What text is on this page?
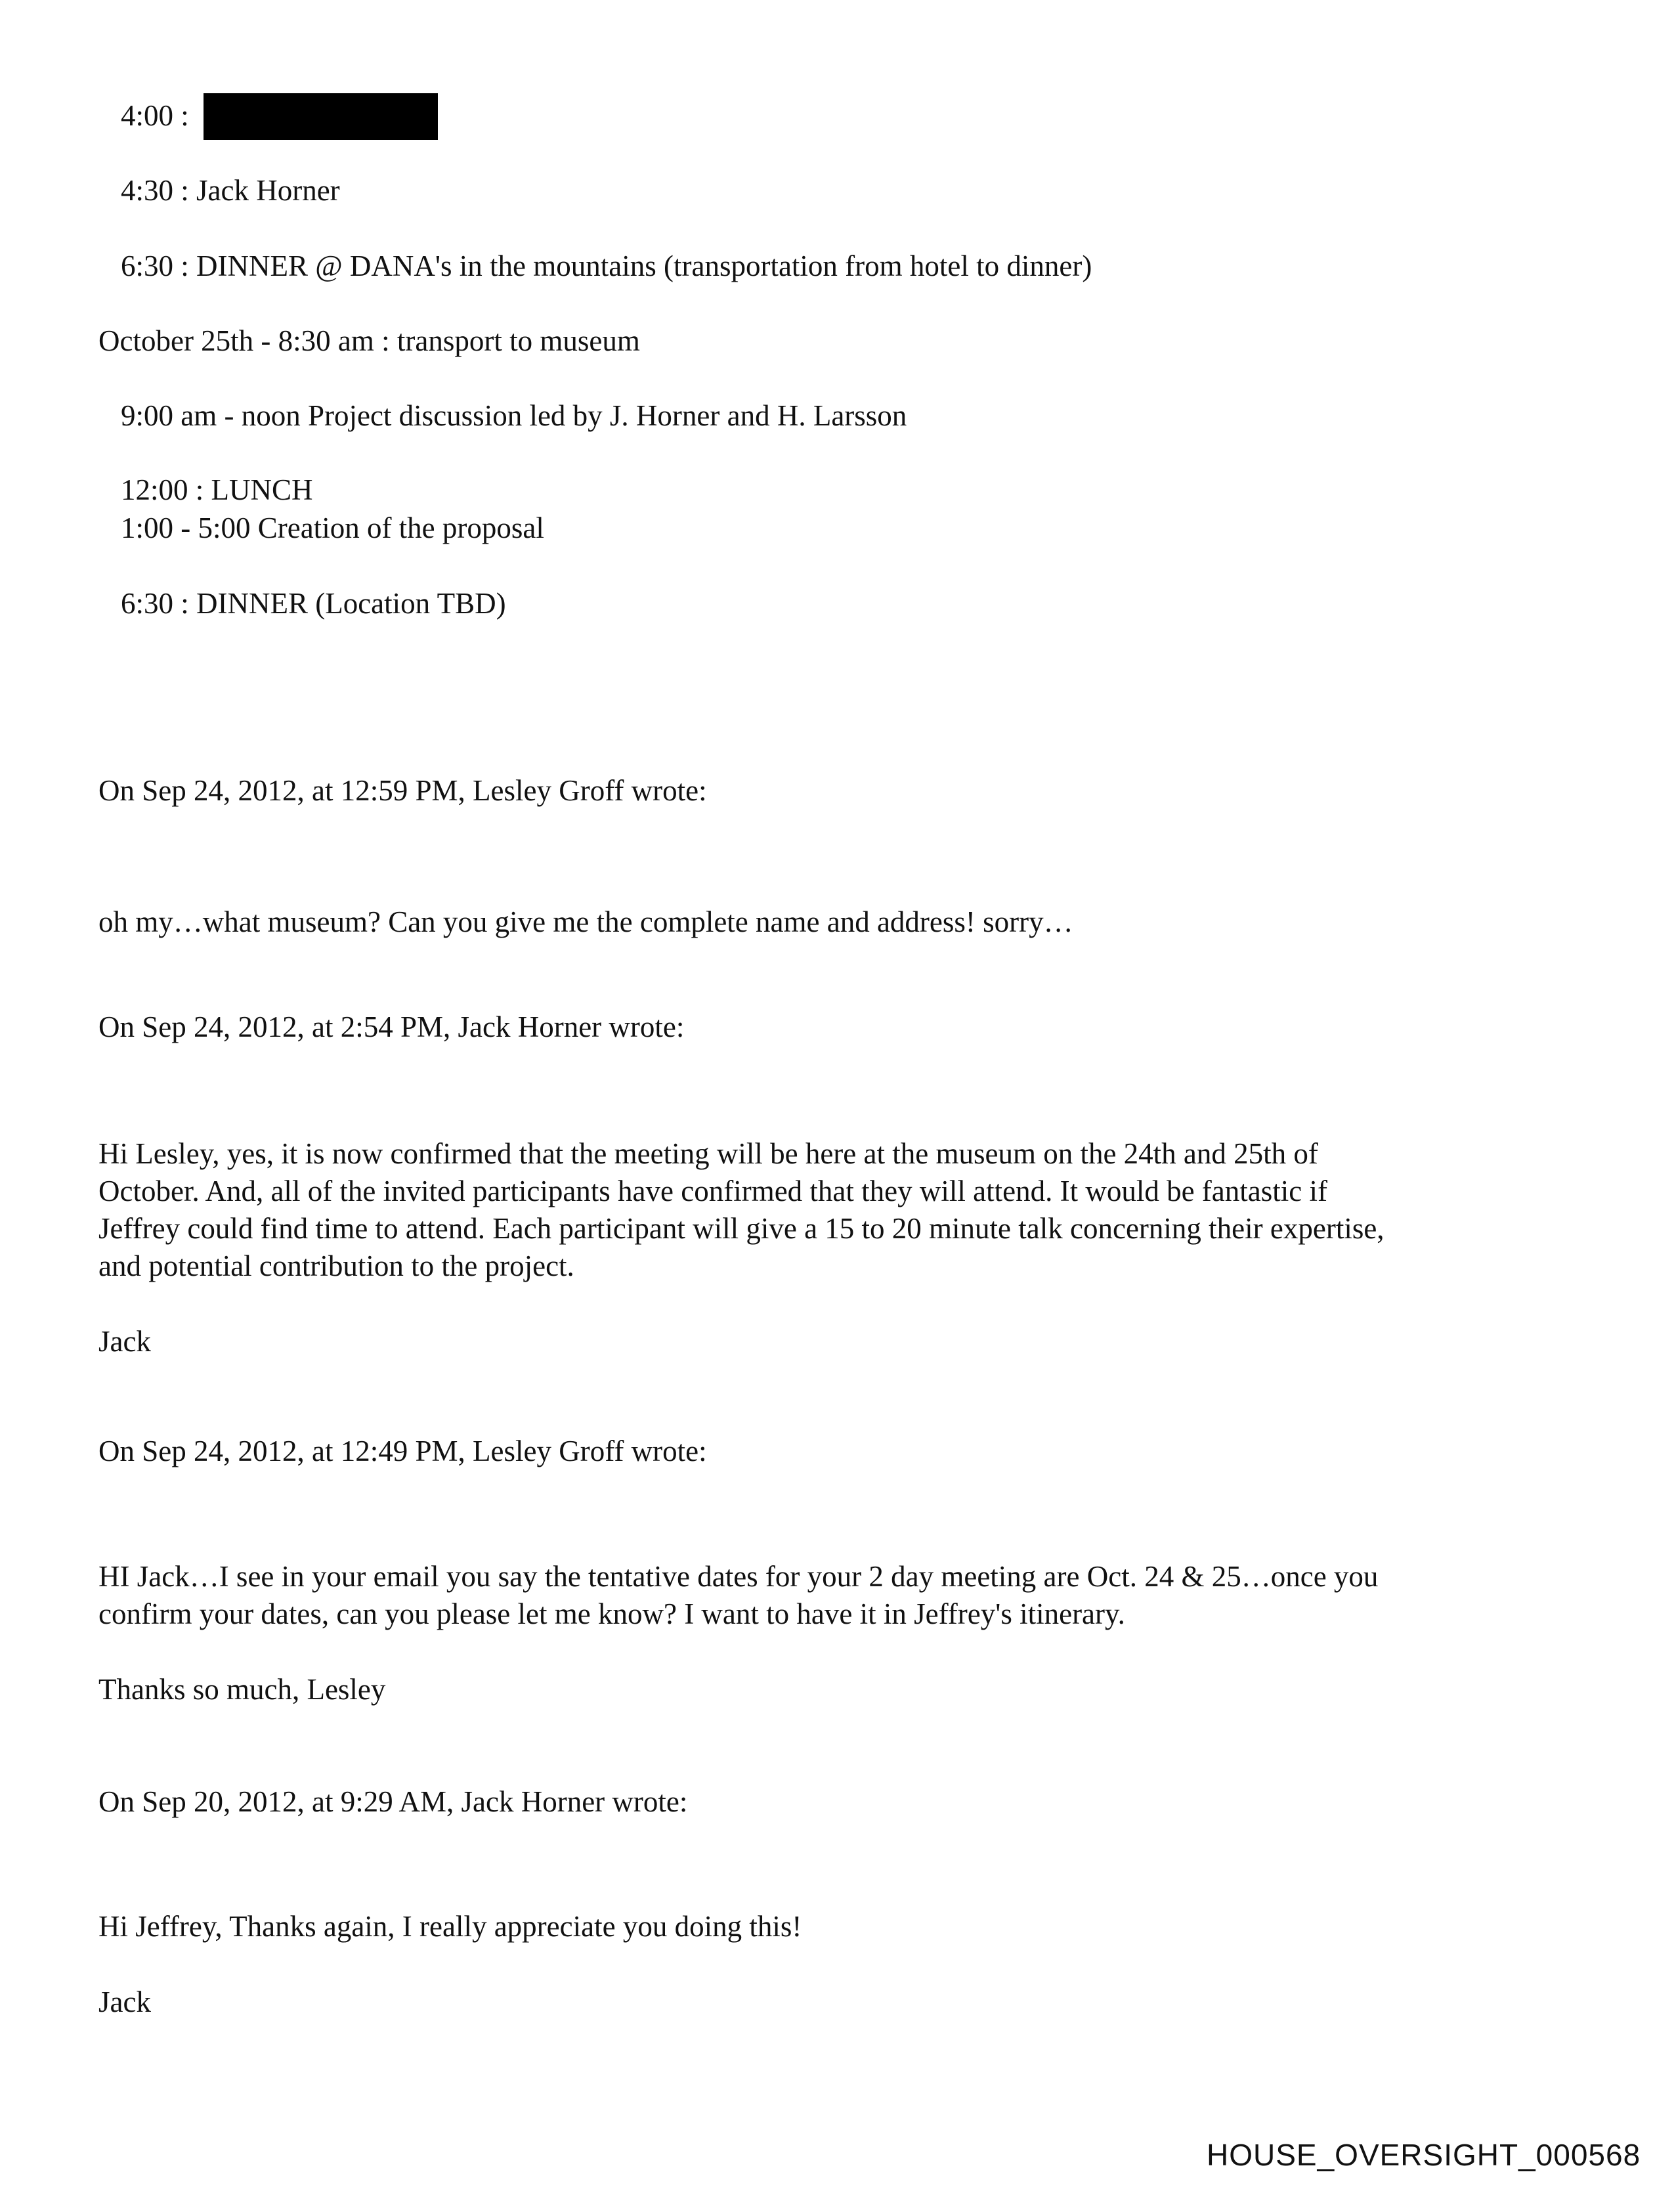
4:00 :
4:30 : Jack Horner
6:30 : DINNER @ DANA's in the mountains (transportation from hotel to dinner)
October 25th - 8:30 am : transport to museum
9:00 am - noon Project discussion led by J. Horner and H. Larsson
12:00 : LUNCH
1:00 - 5:00 Creation of the proposal
6:30 : DINNER (Location TBD)
On Sep 24, 2012, at 12:59 PM, Lesley Groff wrote:
oh my…what museum? Can you give me the complete name and address! sorry…
On Sep 24, 2012, at 2:54 PM, Jack Horner wrote:
Hi Lesley, yes, it is now confirmed that the meeting will be here at the museum on the 24th and 25th of
October. And, all of the invited participants have confirmed that they will attend. It would be fantastic if
Jeffrey could find time to attend. Each participant will give a 15 to 20 minute talk concerning their expertise,
and potential contribution to the project.
Jack
On Sep 24, 2012, at 12:49 PM, Lesley Groff wrote:
HI Jack…I see in your email you say the tentative dates for your 2 day meeting are Oct. 24 & 25…once you
confirm your dates, can you please let me know? I want to have it in Jeffrey's itinerary.
Thanks so much, Lesley
On Sep 20, 2012, at 9:29 AM, Jack Horner wrote:
Hi Jeffrey, Thanks again, I really appreciate you doing this!
Jack
HOUSE_OVERSIGHT_000568
